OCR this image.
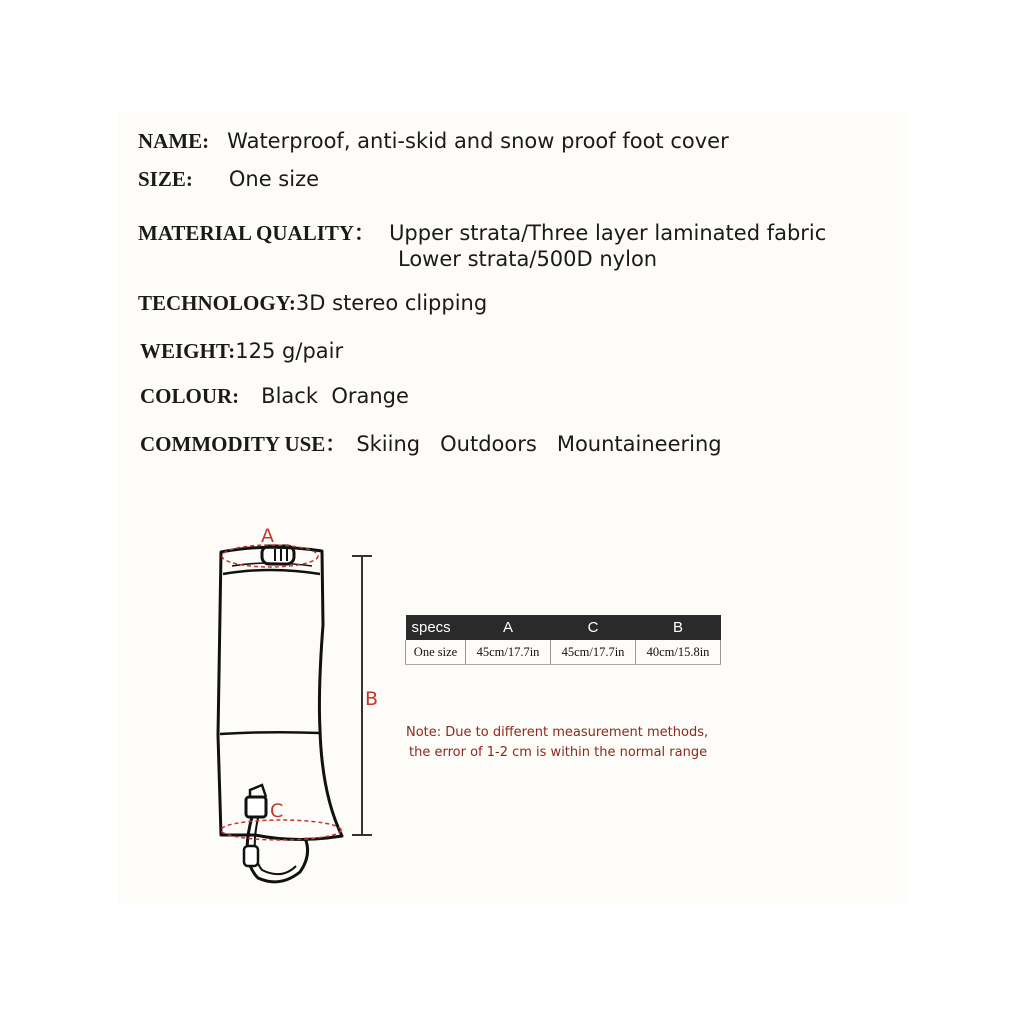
NAME: Waterproof, anti-skid and snow proof foot cover
SIZE: One size
MATERIAL QUALITY： Upper strata/Three layer laminated fabric
Lower strata/500D nylon
TECHNOLOGY:3D stereo clipping
WEIGHT:125 g/pair
COLOUR: Black  Orange
COMMODITY USE： Skiing   Outdoors   Mountaineering
A
B
C
specs	A	C	B
One size	45cm/17.7in	45cm/17.7in	40cm/15.8in
Note: Due to different measurement methods,
the error of 1-2 cm is within the normal range
